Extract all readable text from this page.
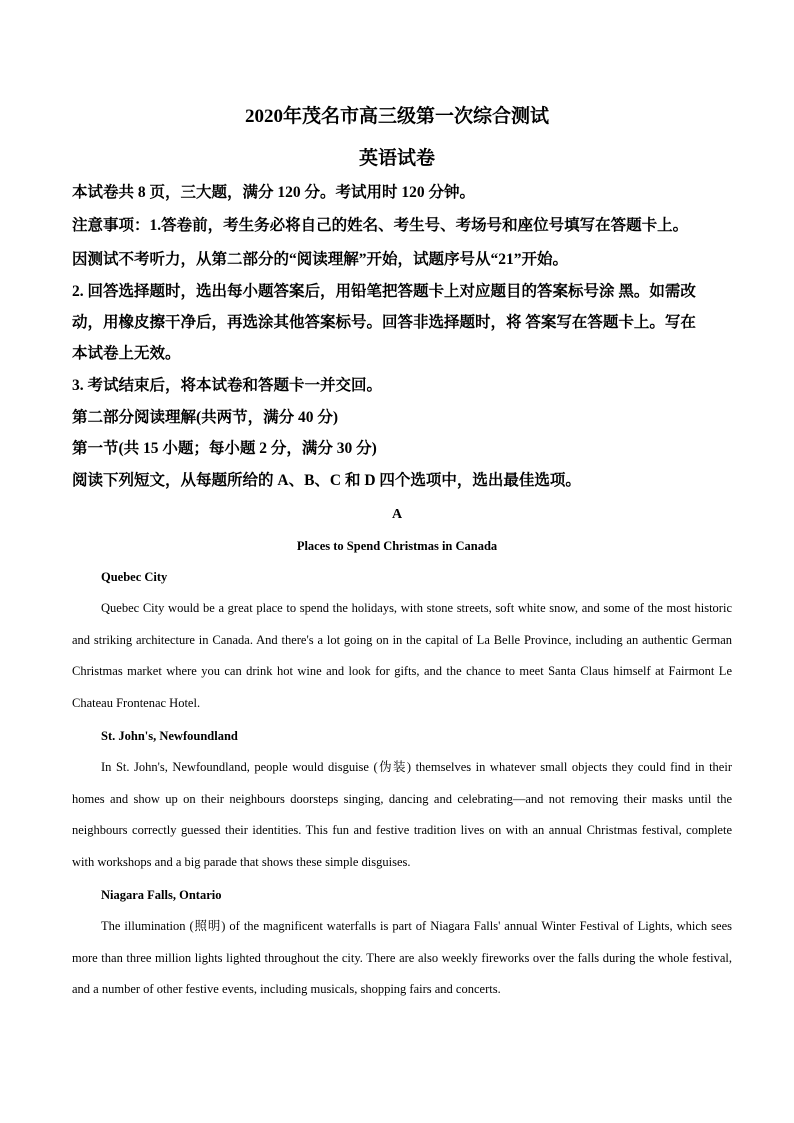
2020年茂名市高三级第一次综合测试
英语试卷
本试卷共 8 页，三大题，满分 120 分。考试用时 120 分钟。
注意事项：1.答卷前，考生务必将自己的姓名、考生号、考场号和座位号填写在答题卡上。
因测试不考听力，从第二部分的“阅读理解”开始，试题序号从“21”开始。
2. 回答选择题时，选出每小题答案后，用铅笔把答题卡上对应题目的答案标号涂 黑。如需改
动，用橡皮擦干净后，再选涂其他答案标号。回答非选择题时，将 答案写在答题卡上。写在
本试卷上无效。
3. 考试结束后，将本试卷和答题卡一并交回。
第二部分阅读理解(共两节，满分 40 分)
第一节(共 15 小题；每小题 2 分，满分 30 分)
阅读下列短文，从每题所给的 A、B、C 和 D 四个选项中，选出最佳选项。
A
Places to Spend Christmas in Canada
Quebec City

Quebec City would be a great place to spend the holidays, with stone streets, soft white snow, and some of the most historic and striking architecture in Canada. And there's a lot going on in the capital of La Belle Province, including an authentic German Christmas market where you can drink hot wine and look for gifts, and the chance to meet Santa Claus himself at Fairmont Le Chateau Frontenac Hotel.

St. John's, Newfoundland

In St. John's, Newfoundland, people would disguise (伪装) themselves in whatever small objects they could find in their homes and show up on their neighbours doorsteps singing, dancing and celebrating—and not removing their masks until the neighbours correctly guessed their identities. This fun and festive tradition lives on with an annual Christmas festival, complete with workshops and a big parade that shows these simple disguises.

Niagara Falls, Ontario

The illumination (照明) of the magnificent waterfalls is part of Niagara Falls' annual Winter Festival of Lights, which sees more than three million lights lighted throughout the city. There are also weekly fireworks over the falls during the whole festival, and a number of other festive events, including musicals, shopping fairs and concerts.
